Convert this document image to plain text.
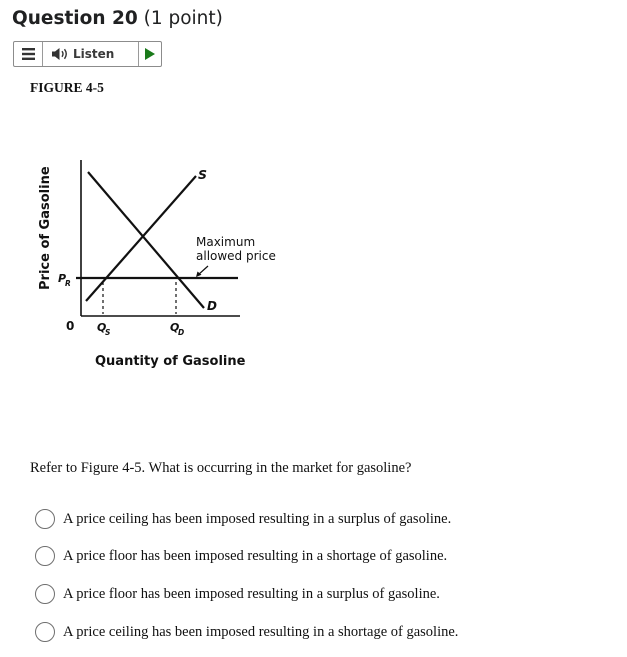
Question 20 (1 point)
Listen
FIGURE 4-5
Price of Gasoline	S
D
Maximum
allowed price
P
R
0 Q
S	Q
D
Quantity of Gasoline
Refer to Figure 4-5. What is occurring in the market for gasoline?
A price ceiling has been imposed resulting in a surplus of gasoline.
A price floor has been imposed resulting in a shortage of gasoline.
A price floor has been imposed resulting in a surplus of gasoline.
A price ceiling has been imposed resulting in a shortage of gasoline.
